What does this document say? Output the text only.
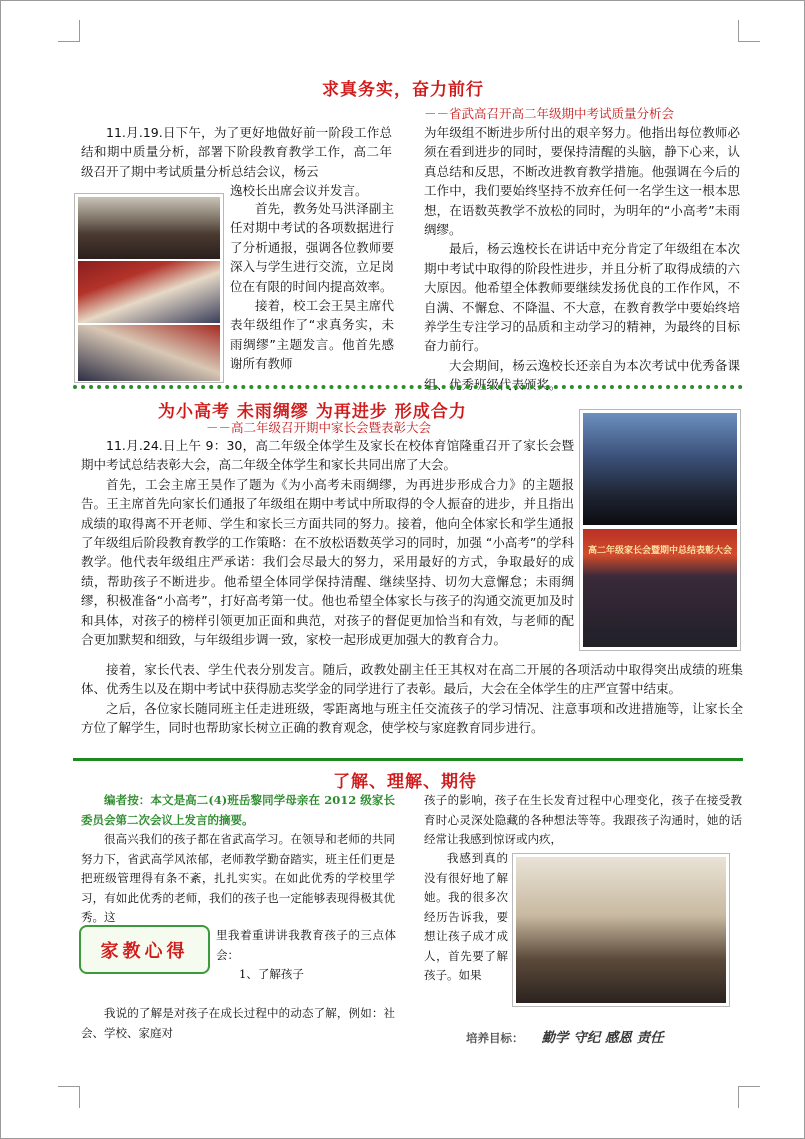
求真务实，奋力前行
－－省武高召开高二年级期中考试质量分析会

11.月.19.日下午，为了更好地做好前一阶段工作总结和期中质量分析，部署下阶段教育教学工作，高二年级召开了期中考试质量分析总结会议，杨云

逸校长出席会议并发言。

首先，教务处马洪泽副主任对期中考试的各项数据进行了分析通报，强调各位教师要深入与学生进行交流，立足岗位在有限的时间内提高效率。

接着，校工会王昊主席代表年级组作了“求真务实，未雨绸缪”主题发言。他首先感谢所有教师

为年级组不断进步所付出的艰辛努力。他指出每位教师必须在看到进步的同时，要保持清醒的头脑，静下心来，认真总结和反思，不断改进教育教学措施。他强调在今后的工作中，我们要始终坚持不放弃任何一名学生这一根本思想，在语数英教学不放松的同时，为明年的“小高考”未雨绸缪。

最后，杨云逸校长在讲话中充分肯定了年级组在本次期中考试中取得的阶段性进步，并且分析了取得成绩的六大原因。他希望全体教师要继续发扬优良的工作作风，不自满、不懈怠、不降温、不大意，在教育教学中要始终培养学生专注学习的品质和主动学习的精神，为最终的目标奋力前行。

大会期间，杨云逸校长还亲自为本次考试中优秀备课组、优秀班级代表颁奖。

为小高考 未雨绸缪 为再进步 形成合力
－－高二年级召开期中家长会暨表彰大会
高二年级家长会暨期中总结表彰大会

11.月.24.日上午 9：30，高二年级全体学生及家长在校体育馆隆重召开了家长会暨期中考试总结表彰大会，高二年级全体学生和家长共同出席了大会。

首先，工会主席王昊作了题为《为小高考未雨绸缪，为再进步形成合力》的主题报告。王主席首先向家长们通报了年级组在期中考试中所取得的令人振奋的进步，并且指出成绩的取得离不开老师、学生和家长三方面共同的努力。接着，他向全体家长和学生通报了年级组后阶段教育教学的工作策略：在不放松语数英学习的同时，加强 “小高考”的学科教学。他代表年级组庄严承诺：我们会尽最大的努力，采用最好的方式，争取最好的成绩，帮助孩子不断进步。他希望全体同学保持清醒、继续坚持、切勿大意懈怠；未雨绸缪，积极准备“小高考”，打好高考第一仗。他也希望全体家长与孩子的沟通交流更加及时和具体，对孩子的榜样引领更加正面和典范，对孩子的督促更加恰当和有效，与老师的配合更加默契和细致，与年级组步调一致，家校一起形成更加强大的教育合力。

接着，家长代表、学生代表分别发言。随后，政教处副主任王其权对在高二开展的各项活动中取得突出成绩的班集体、优秀生以及在期中考试中获得励志奖学金的同学进行了表彰。最后，大会在全体学生的庄严宣誓中结束。

之后，各位家长随同班主任走进班级，零距离地与班主任交流孩子的学习情况、注意事项和改进措施等，让家长全方位了解学生，同时也帮助家长树立正确的教育观念，使学校与家庭教育同步进行。

了解、理解、期待

编者按：本文是高二(4)班岳黎同学母亲在 2012 级家长委员会第二次会议上发言的摘要。

很高兴我们的孩子都在省武高学习。在领导和老师的共同努力下，省武高学风浓郁，老师教学勤奋踏实，班主任们更是把班级管理得有条不紊，扎扎实实。在如此优秀的学校里学习，有如此优秀的老师，我们的孩子也一定能够表现得极其优秀。这

家教心得

里我着重讲讲我教育孩子的三点体会：

1、了解孩子

我说的了解是对孩子在成长过程中的动态了解，例如：社会、学校、家庭对

孩子的影响，孩子在生长发育过程中心理变化，孩子在接受教育时心灵深处隐藏的各种想法等等。我跟孩子沟通时，她的话经常让我感到惊讶或内疚，

我感到真的没有很好地了解她。我的很多次经历告诉我，要想让孩子成才成人，首先要了解孩子。如果

培养目标： 勤学 守纪 感恩 责任
